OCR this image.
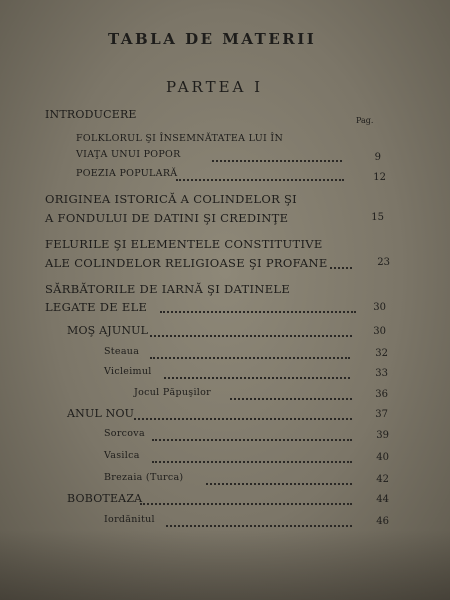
TABLA DE MATERII
PARTEA I
INTRODUCERE	Pag.
FOLKLORUL ŞI ÎNSEMNĂTATEA LUI ÎN
VIAŢA UNUI POPOR	9
POEZIA POPULARĂ	12
ORIGINEA ISTORICĂ A COLINDELOR ŞI
A FONDULUI DE DATINI ŞI CREDINŢE	15
FELURILE ŞI ELEMENTELE CONSTITUTIVE
ALE COLINDELOR RELIGIOASE ŞI PROFANE	23
SĂRBĂTORILE DE IARNĂ ŞI DATINELE
LEGATE DE ELE	30
MOŞ AJUNUL	30
Steaua	32
Vicleimul	33
Jocul Păpuşilor	36
ANUL NOU	37
Sorcova	39
Vasilca	40
Brezaia (Turca)	42
BOBOTEAZA	44
Iordănitul	46
